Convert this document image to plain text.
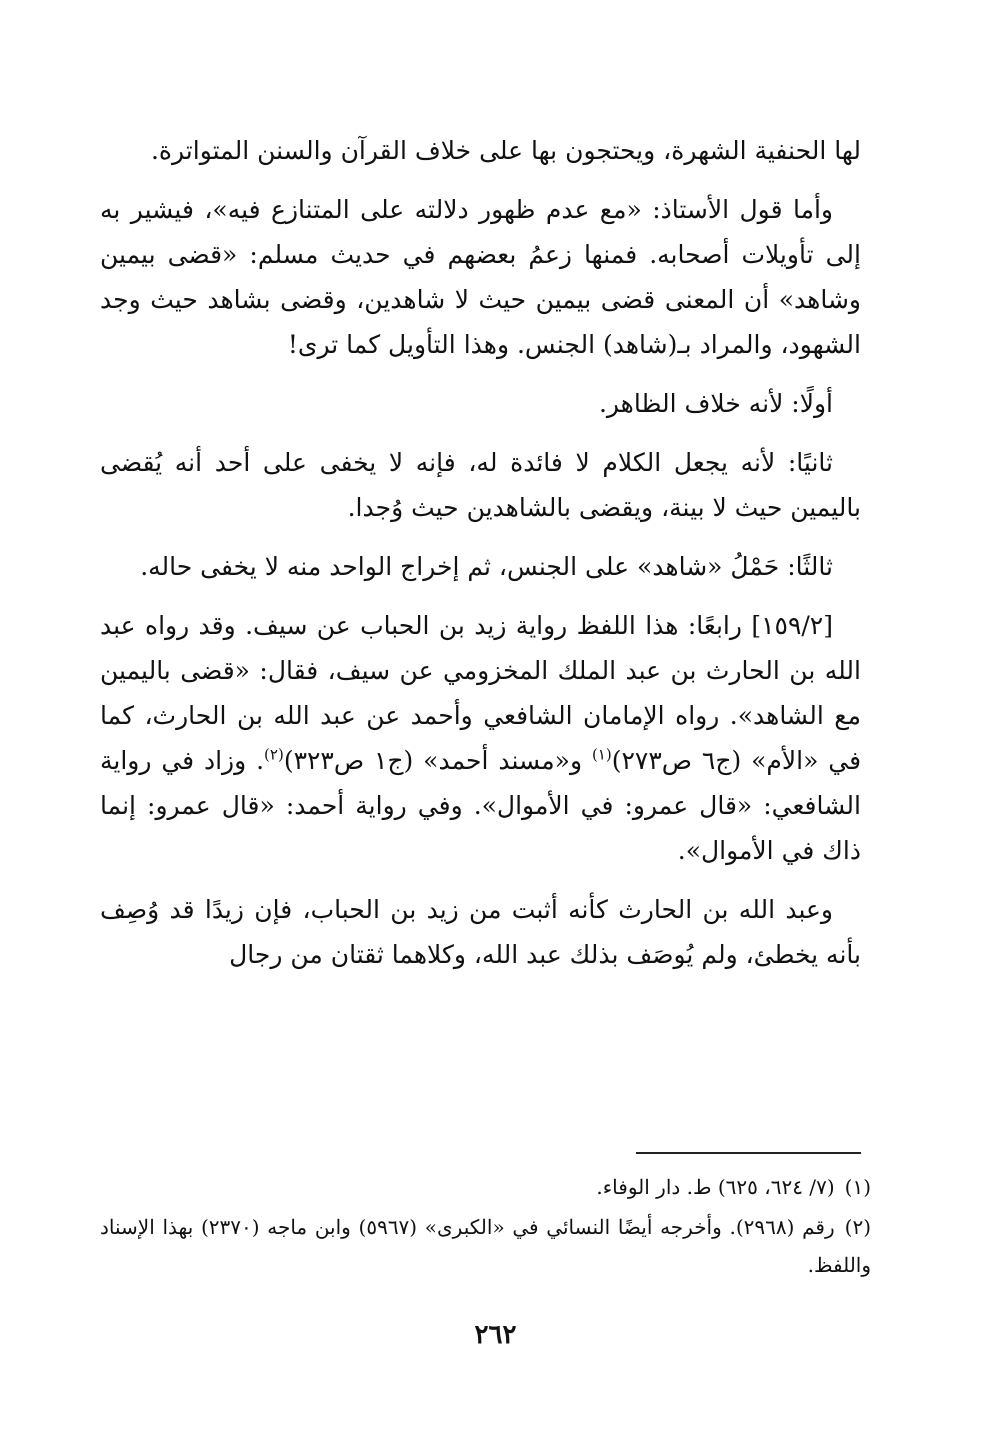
لها الحنفية الشهرة، ويحتجون بها على خلاف القرآن والسنن المتواترة.

وأما قول الأستاذ: «مع عدم ظهور دلالته على المتنازع فيه»، فيشير به إلى تأويلات أصحابه. فمنها زعمُ بعضهم في حديث مسلم: «قضى بيمين وشاهد» أن المعنى قضى بيمين حيث لا شاهدين، وقضى بشاهد حيث وجد الشهود، والمراد بـ(شاهد) الجنس. وهذا التأويل كما ترى!

أولًا: لأنه خلاف الظاهر.

ثانيًا: لأنه يجعل الكلام لا فائدة له، فإنه لا يخفى على أحد أنه يُقضى باليمين حيث لا بينة، ويقضى بالشاهدين حيث وُجدا.

ثالثًا: حَمْلُ «شاهد» على الجنس، ثم إخراج الواحد منه لا يخفى حاله.

[١٥٩/٢] رابعًا: هذا اللفظ رواية زيد بن الحباب عن سيف. وقد رواه عبد الله بن الحارث بن عبد الملك المخزومي عن سيف، فقال: «قضى باليمين مع الشاهد». رواه الإمامان الشافعي وأحمد عن عبد الله بن الحارث، كما في «الأم» (ج٦ ص٢٧٣)$^{(١)}$ و«مسند أحمد» (ج١ ص٣٢٣)$^{(٢)}$. وزاد في رواية الشافعي: «قال عمرو: في الأموال». وفي رواية أحمد: «قال عمرو: إنما ذاك في الأموال».

وعبد الله بن الحارث كأنه أثبت من زيد بن الحباب، فإن زيدًا قد وُصِف بأنه يخطئ، ولم يُوصَف بذلك عبد الله، وكلاهما ثقتان من رجال

(١)(٧/ ٦٢٤، ٦٢٥) ط. دار الوفاء.

(٢)رقم (٢٩٦٨). وأخرجه أيضًا النسائي في «الكبرى» (٥٩٦٧) وابن ماجه (٢٣٧٠) بهذا الإسناد واللفظ.

٢٦٢
